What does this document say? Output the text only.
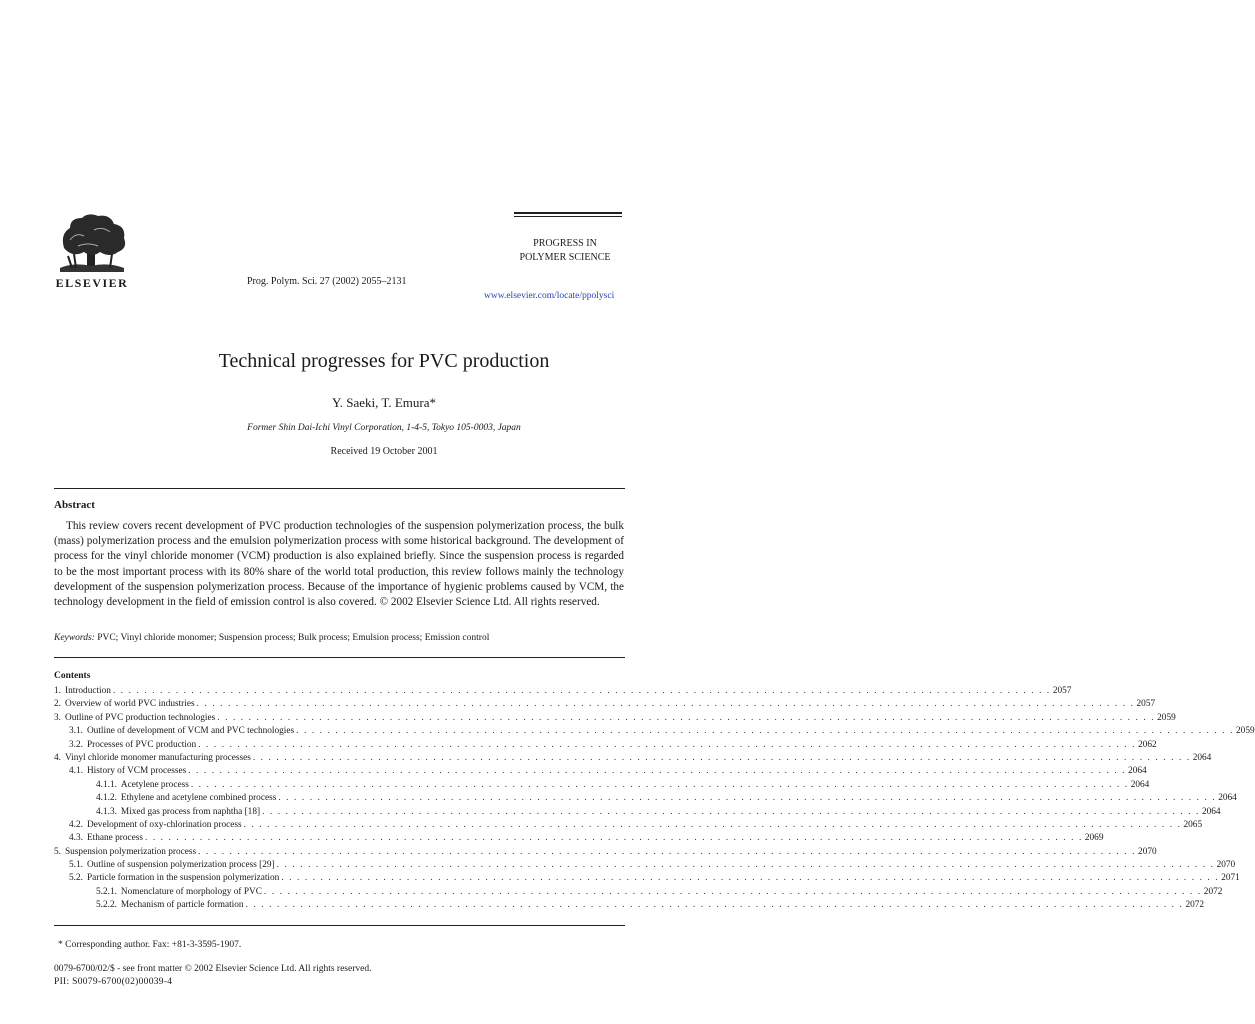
ELSEVIER	Prog. Polym. Sci. 27 (2002) 2055–2131
PROGRESS IN
POLYMER SCIENCE
www.elsevier.com/locate/ppolysci
Technical progresses for PVC production
Y. Saeki, T. Emura*
Former Shin Dai-Ichi Vinyl Corporation, 1-4-5, Tokyo 105-0003, Japan
Received 19 October 2001
Abstract

This review covers recent development of PVC production technologies of the suspension polymerization process, the bulk (mass) polymerization process and the emulsion polymerization process with some historical background. The development of process for the vinyl chloride monomer (VCM) production is also explained briefly. Since the suspension process is regarded to be the most important process with its 80% share of the world total production, this review follows mainly the technology development of the suspension polymerization process. Because of the importance of hygienic problems caused by VCM, the technology development in the field of emission control is also covered. © 2002 Elsevier Science Ltd. All rights reserved.

Keywords: PVC; Vinyl chloride monomer; Suspension process; Bulk process; Emulsion process; Emission control
Contents
1. Introduction . . . . . . . . . . . . . . . . . . . . . . . . . . . . . . . . . . . . . . . . . . . . . . . . . . . . . . . . . . . . . . . . . . . . . . . . . . . . . . . . . . . . . . . . . . . . . . . . . . . . . . . . . . . . . . . . . . . . . . . . 2057
2. Overview of world PVC industries . . . . . . . . . . . . . . . . . . . . . . . . . . . . . . . . . . . . . . . . . . . . . . . . . . . . . . . . . . . . . . . . . . . . . . . . . . . . . . . . . . . . . . . . . . . . . . . . . . . . . . . . . . . . . . . . . . . . . . . . 2057
3. Outline of PVC production technologies . . . . . . . . . . . . . . . . . . . . . . . . . . . . . . . . . . . . . . . . . . . . . . . . . . . . . . . . . . . . . . . . . . . . . . . . . . . . . . . . . . . . . . . . . . . . . . . . . . . . . . . . . . . . . . . . . . . . . . . . 2059
3.1. Outline of development of VCM and PVC technologies . . . . . . . . . . . . . . . . . . . . . . . . . . . . . . . . . . . . . . . . . . . . . . . . . . . . . . . . . . . . . . . . . . . . . . . . . . . . . . . . . . . . . . . . . . . . . . . . . . . . . . . . . . . . . . . . . . . . . . . . 2059
3.2. Processes of PVC production . . . . . . . . . . . . . . . . . . . . . . . . . . . . . . . . . . . . . . . . . . . . . . . . . . . . . . . . . . . . . . . . . . . . . . . . . . . . . . . . . . . . . . . . . . . . . . . . . . . . . . . . . . . . . . . . . . . . . . . . 2062
4. Vinyl chloride monomer manufacturing processes . . . . . . . . . . . . . . . . . . . . . . . . . . . . . . . . . . . . . . . . . . . . . . . . . . . . . . . . . . . . . . . . . . . . . . . . . . . . . . . . . . . . . . . . . . . . . . . . . . . . . . . . . . . . . . . . . . . . . . . . 2064
4.1. History of VCM processes . . . . . . . . . . . . . . . . . . . . . . . . . . . . . . . . . . . . . . . . . . . . . . . . . . . . . . . . . . . . . . . . . . . . . . . . . . . . . . . . . . . . . . . . . . . . . . . . . . . . . . . . . . . . . . . . . . . . . . . . 2064
4.1.1. Acetylene process . . . . . . . . . . . . . . . . . . . . . . . . . . . . . . . . . . . . . . . . . . . . . . . . . . . . . . . . . . . . . . . . . . . . . . . . . . . . . . . . . . . . . . . . . . . . . . . . . . . . . . . . . . . . . . . . . . . . . . . . 2064
4.1.2. Ethylene and acetylene combined process . . . . . . . . . . . . . . . . . . . . . . . . . . . . . . . . . . . . . . . . . . . . . . . . . . . . . . . . . . . . . . . . . . . . . . . . . . . . . . . . . . . . . . . . . . . . . . . . . . . . . . . . . . . . . . . . . . . . . . . . 2064
4.1.3. Mixed gas process from naphtha [18] . . . . . . . . . . . . . . . . . . . . . . . . . . . . . . . . . . . . . . . . . . . . . . . . . . . . . . . . . . . . . . . . . . . . . . . . . . . . . . . . . . . . . . . . . . . . . . . . . . . . . . . . . . . . . . . . . . . . . . . . 2064
4.2. Development of oxy-chlorination process . . . . . . . . . . . . . . . . . . . . . . . . . . . . . . . . . . . . . . . . . . . . . . . . . . . . . . . . . . . . . . . . . . . . . . . . . . . . . . . . . . . . . . . . . . . . . . . . . . . . . . . . . . . . . . . . . . . . . . . . 2065
4.3. Ethane process . . . . . . . . . . . . . . . . . . . . . . . . . . . . . . . . . . . . . . . . . . . . . . . . . . . . . . . . . . . . . . . . . . . . . . . . . . . . . . . . . . . . . . . . . . . . . . . . . . . . . . . . . . . . . . . . . . . . . . . . 2069
5. Suspension polymerization process . . . . . . . . . . . . . . . . . . . . . . . . . . . . . . . . . . . . . . . . . . . . . . . . . . . . . . . . . . . . . . . . . . . . . . . . . . . . . . . . . . . . . . . . . . . . . . . . . . . . . . . . . . . . . . . . . . . . . . . . 2070
5.1. Outline of suspension polymerization process [29] . . . . . . . . . . . . . . . . . . . . . . . . . . . . . . . . . . . . . . . . . . . . . . . . . . . . . . . . . . . . . . . . . . . . . . . . . . . . . . . . . . . . . . . . . . . . . . . . . . . . . . . . . . . . . . . . . . . . . . . . 2070
5.2. Particle formation in the suspension polymerization . . . . . . . . . . . . . . . . . . . . . . . . . . . . . . . . . . . . . . . . . . . . . . . . . . . . . . . . . . . . . . . . . . . . . . . . . . . . . . . . . . . . . . . . . . . . . . . . . . . . . . . . . . . . . . . . . . . . . . . . 2071
5.2.1. Nomenclature of morphology of PVC . . . . . . . . . . . . . . . . . . . . . . . . . . . . . . . . . . . . . . . . . . . . . . . . . . . . . . . . . . . . . . . . . . . . . . . . . . . . . . . . . . . . . . . . . . . . . . . . . . . . . . . . . . . . . . . . . . . . . . . . 2072
5.2.2. Mechanism of particle formation . . . . . . . . . . . . . . . . . . . . . . . . . . . . . . . . . . . . . . . . . . . . . . . . . . . . . . . . . . . . . . . . . . . . . . . . . . . . . . . . . . . . . . . . . . . . . . . . . . . . . . . . . . . . . . . . . . . . . . . . 2072
* Corresponding author. Fax: +81-3-3595-1907.
0079-6700/02/$ - see front matter © 2002 Elsevier Science Ltd. All rights reserved.
PII: S0079-6700(02)00039-4
